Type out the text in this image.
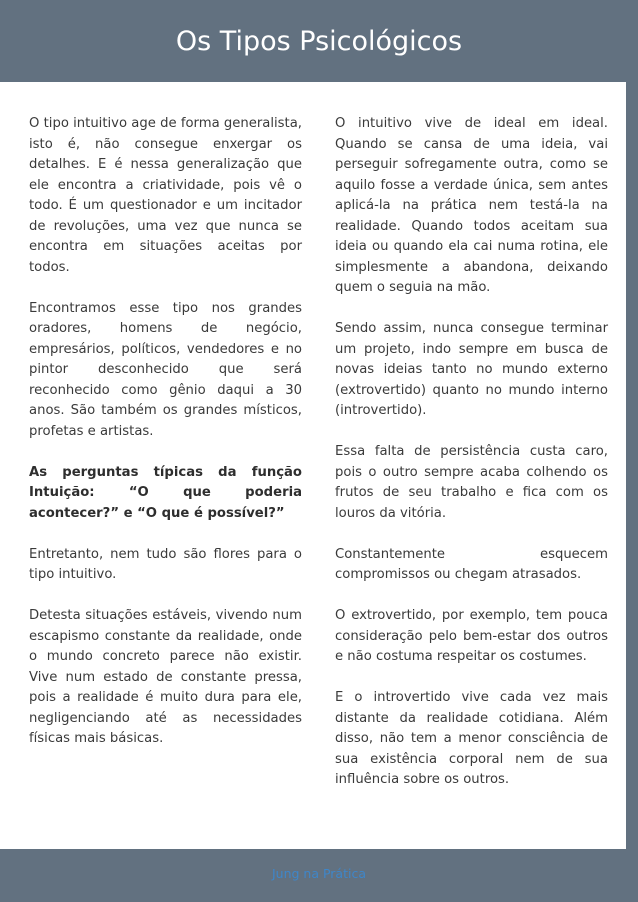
Os Tipos Psicológicos

O tipo intuitivo age de forma generalista, isto é, não consegue enxergar os detalhes. E é nessa generalização que ele encontra a criatividade, pois vê o todo. É um questionador e um incitador de revoluções, uma vez que nunca se encontra em situações aceitas por todos.

Encontramos esse tipo nos grandes oradores, homens de negócio, empresários, políticos, vendedores e no pintor desconhecido que será reconhecido como gênio daqui a 30 anos. São também os grandes místicos, profetas e artistas.

As perguntas típicas da função Intuição: “O que poderia acontecer?” e “O que é possível?”

Entretanto, nem tudo são flores para o tipo intuitivo.

Detesta situações estáveis, vivendo num escapismo constante da realidade, onde o mundo concreto parece não existir. Vive num estado de constante pressa, pois a realidade é muito dura para ele, negligenciando até as necessidades físicas mais básicas.

O intuitivo vive de ideal em ideal. Quando se cansa de uma ideia, vai perseguir sofregamente outra, como se aquilo fosse a verdade única, sem antes aplicá-la na prática nem testá-la na realidade. Quando todos aceitam sua ideia ou quando ela cai numa rotina, ele simplesmente a abandona, deixando quem o seguia na mão.

Sendo assim, nunca consegue terminar um projeto, indo sempre em busca de novas ideias tanto no mundo externo (extrovertido) quanto no mundo interno (introvertido).

Essa falta de persistência custa caro, pois o outro sempre acaba colhendo os frutos de seu trabalho e fica com os louros da vitória.

Constantemente esquecem compromissos ou chegam atrasados.

O extrovertido, por exemplo, tem pouca consideração pelo bem-estar dos outros e não costuma respeitar os costumes.

E o introvertido vive cada vez mais distante da realidade cotidiana. Além disso, não tem a menor consciência de sua existência corporal nem de sua influência sobre os outros.

Jung na Prática
